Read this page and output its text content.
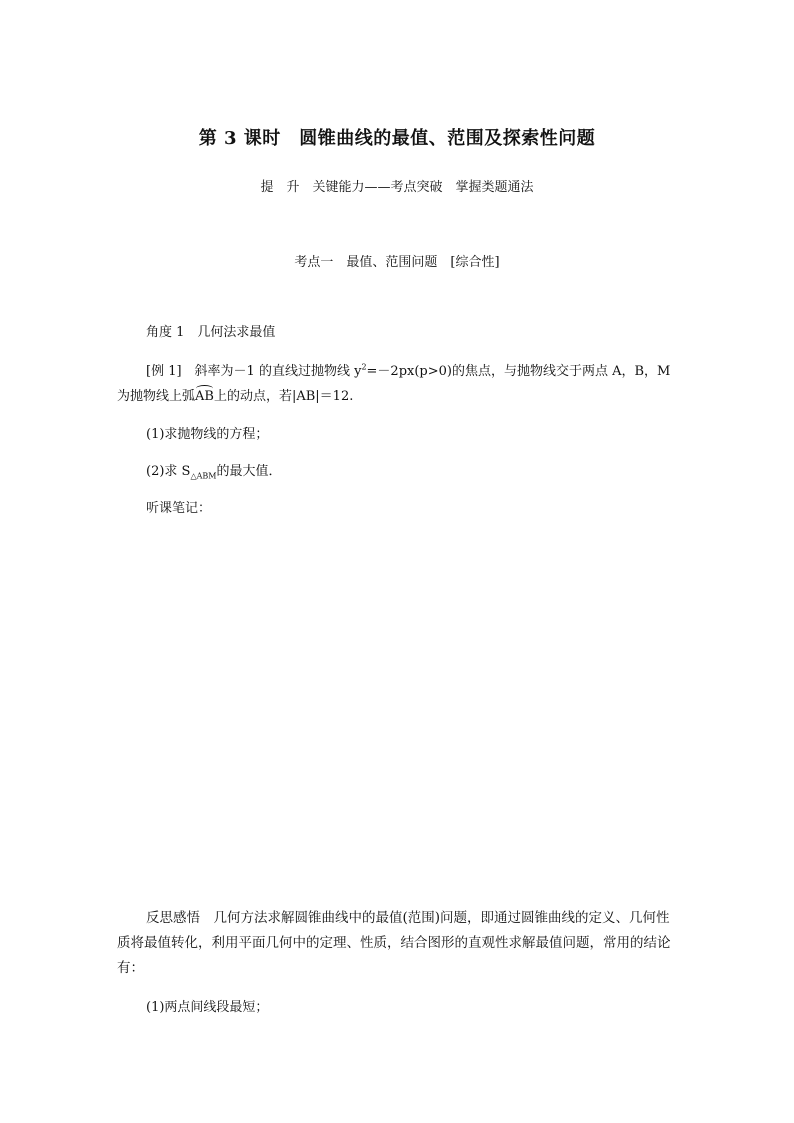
第 3 课时　圆锥曲线的最值、范围及探索性问题
提　升　关键能力——考点突破　掌握类题通法
考点一　最值、范围问题　[综合性]
角度 1　几何法求最值
[例 1]　斜率为－1 的直线过抛物线 $y^2=-2px(p>0)$的焦点，与抛物线交于两点 A，B，M
为抛物线上弧AB上的动点，若|AB|＝12.
(1)求抛物线的方程；
(2)求 $S_{\triangle ABM}$的最大值．
听课笔记：
反思感悟　几何方法求解圆锥曲线中的最值(范围)问题，即通过圆锥曲线的定义、几何性质将最值转化，利用平面几何中的定理、性质，结合图形的直观性求解最值问题，常用的结论有：
(1)两点间线段最短；
